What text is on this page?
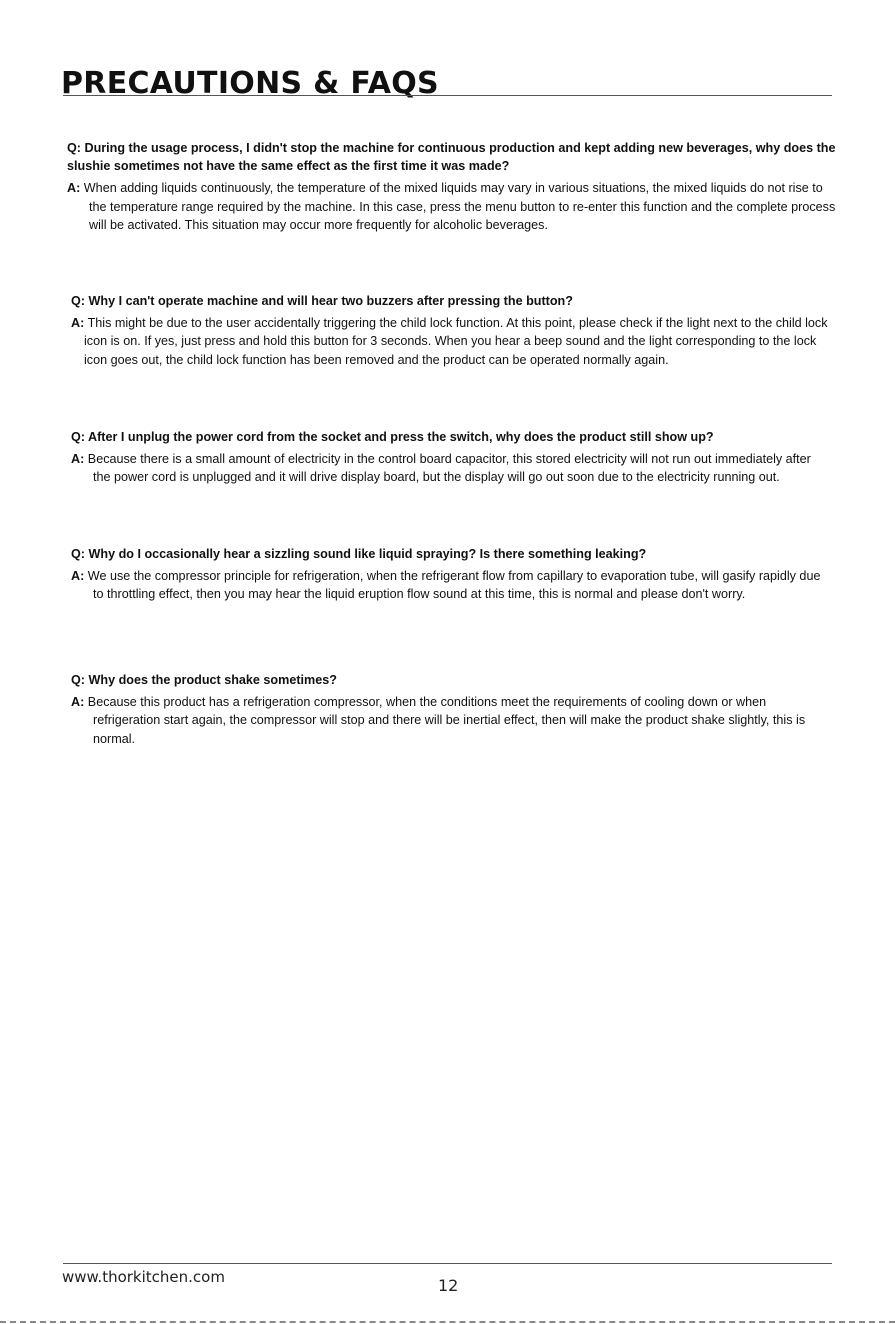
PRECAUTIONS & FAQS

Q: During the usage process, I didn't stop the machine for continuous production and kept adding new beverages, why does the slushie sometimes not have the same effect as the first time it was made?

A: When adding liquids continuously, the temperature of the mixed liquids may vary in various situations, the mixed liquids do not rise to the temperature range required by the machine. In this case, press the menu button to re-enter this function and the complete process will be activated. This situation may occur more frequently for alcoholic beverages.

Q: Why I can't operate machine and will hear two buzzers after pressing the button?

A: This might be due to the user accidentally triggering the child lock function. At this point, please check if the light next to the child lock icon is on. If yes, just press and hold this button for 3 seconds. When you hear a beep sound and the light corresponding to the lock icon goes out, the child lock function has been removed and the product can be operated normally again.

Q: After I unplug the power cord from the socket and press the switch, why does the product still show up?

A: Because there is a small amount of electricity in the control board capacitor, this stored electricity will not run out immediately after the power cord is unplugged and it will drive display board, but the display will go out soon due to the electricity running out.

Q: Why do I occasionally hear a sizzling sound like liquid spraying? Is there something leaking?

A: We use the compressor principle for refrigeration, when the refrigerant flow from capillary to evaporation tube, will gasify rapidly due to throttling effect, then you may hear the liquid eruption flow sound at this time, this is normal and please don't worry.

Q: Why does the product shake sometimes?

A: Because this product has a refrigeration compressor, when the conditions meet the requirements of cooling down or when refrigeration start again, the compressor will stop and there will be inertial effect, then will make the product shake slightly, this is normal.

www.thorkitchen.com	12
